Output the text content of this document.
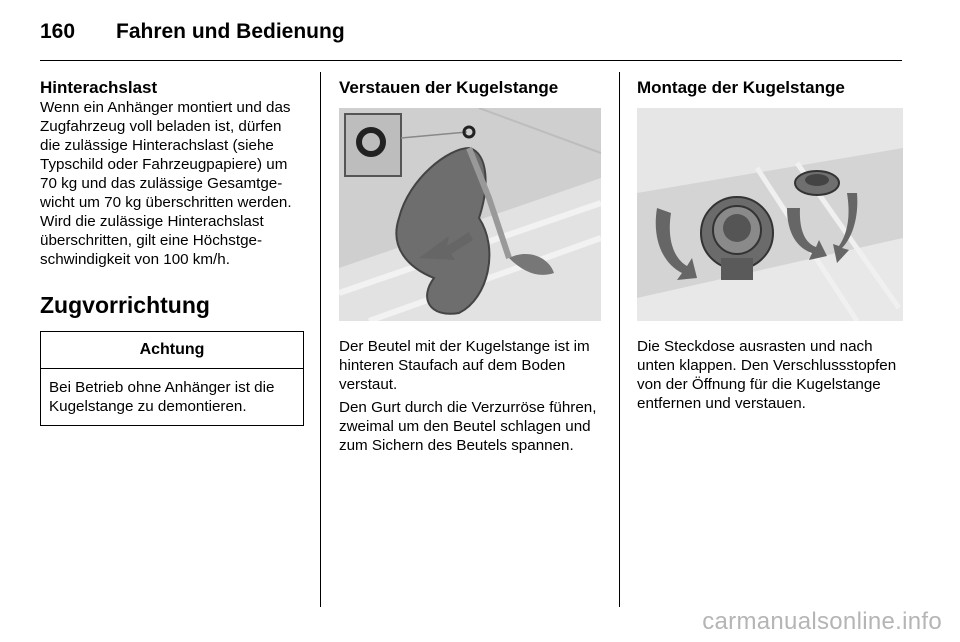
160 Fahren und Bedienung
Hinterachslast

Wenn ein Anhänger montiert und das Zugfahrzeug voll beladen ist, dürfen die zulässige Hinterachslast (siehe Typschild oder Fahrzeugpapiere) um 70 kg und das zulässige Gesamtgewicht um 70 kg überschritten werden. Wird die zulässige Hinterachslast überschritten, gilt eine Höchstgeschwindigkeit von 100 km/h.

Zugvorrichtung
Achtung
Bei Betrieb ohne Anhänger ist die Kugelstange zu demontieren.
Verstauen der Kugelstange

Der Beutel mit der Kugelstange ist im hinteren Staufach auf dem Boden verstaut.

Den Gurt durch die Verzurröse führen, zweimal um den Beutel schlagen und zum Sichern des Beutels spannen.

Montage der Kugelstange

Die Steckdose ausrasten und nach unten klappen. Den Verschlussstopfen von der Öffnung für die Kugelstange entfernen und verstauen.

carmanualsonline.info
